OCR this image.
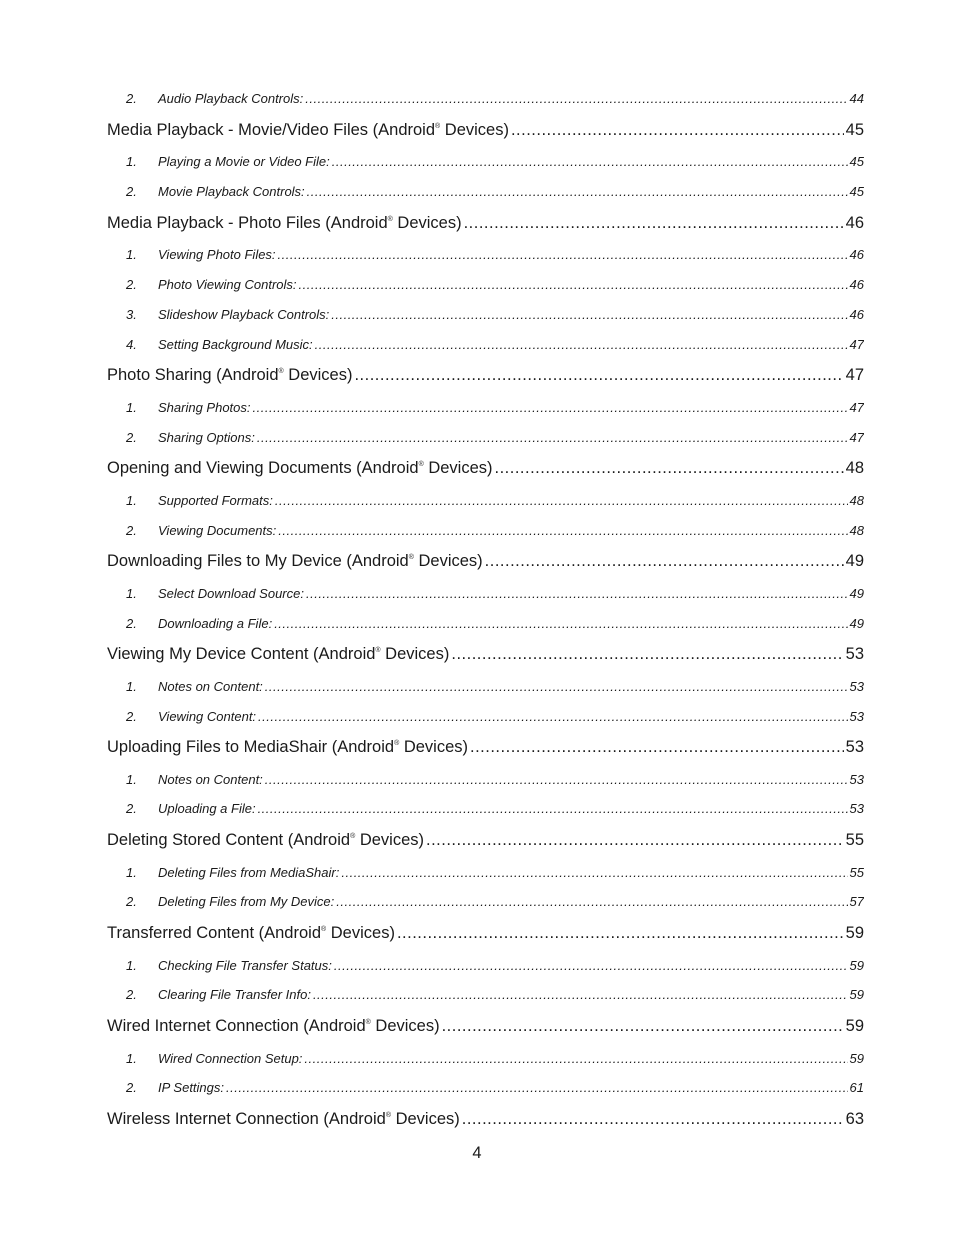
2.	Audio Playback Controls: .....	44
Media Playback - Movie/Video Files (Android® Devices) .....	45
1.	Playing a Movie or Video File: .....	45
2.	Movie Playback Controls: .....	45
Media Playback - Photo Files (Android® Devices) .....	46
1.	Viewing Photo Files: .....	46
2.	Photo Viewing Controls: .....	46
3.	Slideshow Playback Controls: .....	46
4.	Setting Background Music: .....	47
Photo Sharing (Android® Devices) .....	47
1.	Sharing Photos: .....	47
2.	Sharing Options: .....	47
Opening and Viewing Documents (Android® Devices) .....	48
1.	Supported Formats: .....	48
2.	Viewing Documents: .....	48
Downloading Files to My Device (Android® Devices) .....	49
1.	Select Download Source: .....	49
2.	Downloading a File: .....	49
Viewing My Device Content (Android® Devices) .....	53
1.	Notes on Content: .....	53
2.	Viewing Content: .....	53
Uploading Files to MediaShair (Android® Devices) .....	53
1.	Notes on Content: .....	53
2.	Uploading a File: .....	53
Deleting Stored Content (Android® Devices) .....	55
1.	Deleting Files from MediaShair: .....	55
2.	Deleting Files from My Device: .....	57
Transferred Content (Android® Devices) .....	59
1.	Checking File Transfer Status: .....	59
2.	Clearing File Transfer Info: .....	59
Wired Internet Connection (Android® Devices) .....	59
1.	Wired Connection Setup: .....	59
2.	IP Settings: .....	61
Wireless Internet Connection (Android® Devices) .....	63
4
